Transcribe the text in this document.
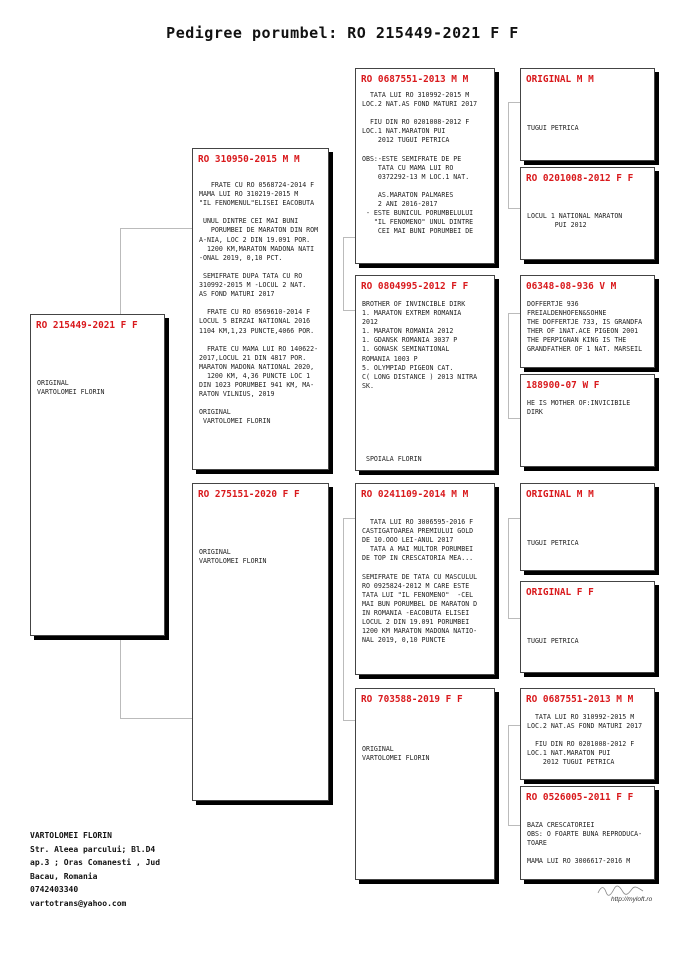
Pedigree porumbel: RO 215449-2021 F F
RO 215449-2021 F F
ORIGINAL
VARTOLOMEI FLORIN
RO 310950-2015 M M
FRATE CU RO 0568724-2014 F
MAMA LUI RO 310219-2015 M
"IL FENOMENUL"ELISEI EACOBUTA

UNUL DINTRE CEI MAI BUNI
PORUMBEI DE MARATON DIN ROM
A-NIA, LOC 2 DIN 19.091 POR.
1200 KM,MARATON MADONA NATI
-ONAL 2019, 0,10 PCT.

SEMIFRATE DUPA TATA CU RO
310992-2015 M -LOCUL 2 NAT.
AS FOND MATURI 2017

FRATE CU RO 0569610-2014 F
LOCUL 5 BIRZAI NATIONAL 2016
1104 KM,1,23 PUNCTE,4066 POR.

FRATE CU MAMA LUI RO 140622-
2017,LOCUL 21 DIN 4817 POR.
MARATON MADONA NATIONAL 2020,
1200 KM, 4,36 PUNCTE LOC 1
DIN 1023 PORUMBEI 941 KM, MA-
RATON VILNIUS, 2019

ORIGINAL
VARTOLOMEI FLORIN
RO 275151-2020 F F
ORIGINAL
VARTOLOMEI FLORIN
RO 0687551-2013 M M
TATA LUI RO 310992-2015 M
LOC.2 NAT.AS FOND MATURI 2017

FIU DIN RO 0201008-2012 F
LOC.1 NAT.MARATON PUI
2012 TUGUI PETRICA

OBS:-ESTE SEMIFRATE DE PE
TATA CU MAMA LUI RO
0372292-13 M LOC.1 NAT.

AS.MARATON PALMARES
2 ANI 2016-2017
- ESTE BUNICUL PORUMBELULUI
"IL FENOMENO" UNUL DINTRE
CEI MAI BUNI PORUMBEI DE
RO 0804995-2012 F F
BROTHER OF INVINCIBLE DIRK
1. MARATON EXTREM ROMANIA
2012
1. MARATON ROMANIA 2012
1. GDANSK ROMANIA 3037 P
1. GONASK SEMINATIONAL
ROMANIA 1003 P
5. OLYMPIAD PIGEON CAT.
C( LONG DISTANCE ) 2013 NITRA
SK.

SPOIALA FLORIN
RO 0241109-2014 M M
TATA LUI RO 3006595-2016 F
CASTIGATOAREA PREMIULUI GOLD
DE 10.OOO LEI-ANUL 2017
TATA A MAI MULTOR PORUMBEI
DE TOP IN CRESCATORIA MEA...

SEMIFRATE DE TATA CU MASCULUL
RO 0925824-2012 M CARE ESTE
TATA LUI "IL FENOMENO"  -CEL
MAI BUN PORUMBEL DE MARATON D
IN ROMANIA -EACOBUTA ELISEI
LOCUL 2 DIN 19.091 PORUMBEI
1200 KM MARATON MADONA NATIO-
NAL 2019, 0,10 PUNCTE
RO 703588-2019 F F
ORIGINAL
VARTOLOMEI FLORIN
ORIGINAL M M
TUGUI PETRICA
RO 0201008-2012 F F
LOCUL 1 NATIONAL MARATON
PUI 2012
06348-08-936 V M
DOFFERTJE 936
FREIALDENHOFEN&SOHNE
THE DOFFERTJE 733, IS GRANDFA
THER OF 1NAT.ACE PIGEON 2001
THE PERPIGNAN KING IS THE
GRANDFATHER OF 1 NAT. MARSEIL
188900-07 W F
HE IS MOTHER OF:INVICIBILE
DIRK
ORIGINAL M M
TUGUI PETRICA
ORIGINAL F F
TUGUI PETRICA
RO 0687551-2013 M M
TATA LUI RO 310992-2015 M
LOC.2 NAT.AS FOND MATURI 2017

FIU DIN RO 0201008-2012 F
LOC.1 NAT.MARATON PUI
2012 TUGUI PETRICA
RO 0526005-2011 F F
BAZA CRESCATORIEI
OBS: O FOARTE BUNA REPRODUCA-
TOARE

MAMA LUI RO 3006617-2016 M
VARTOLOMEI FLORIN
Str. Aleea parcului; Bl.D4
ap.3 ; Oras Comanesti , Jud
Bacau, Romania
0742403340
vartotrans@yahoo.com	http://myloft.ro
